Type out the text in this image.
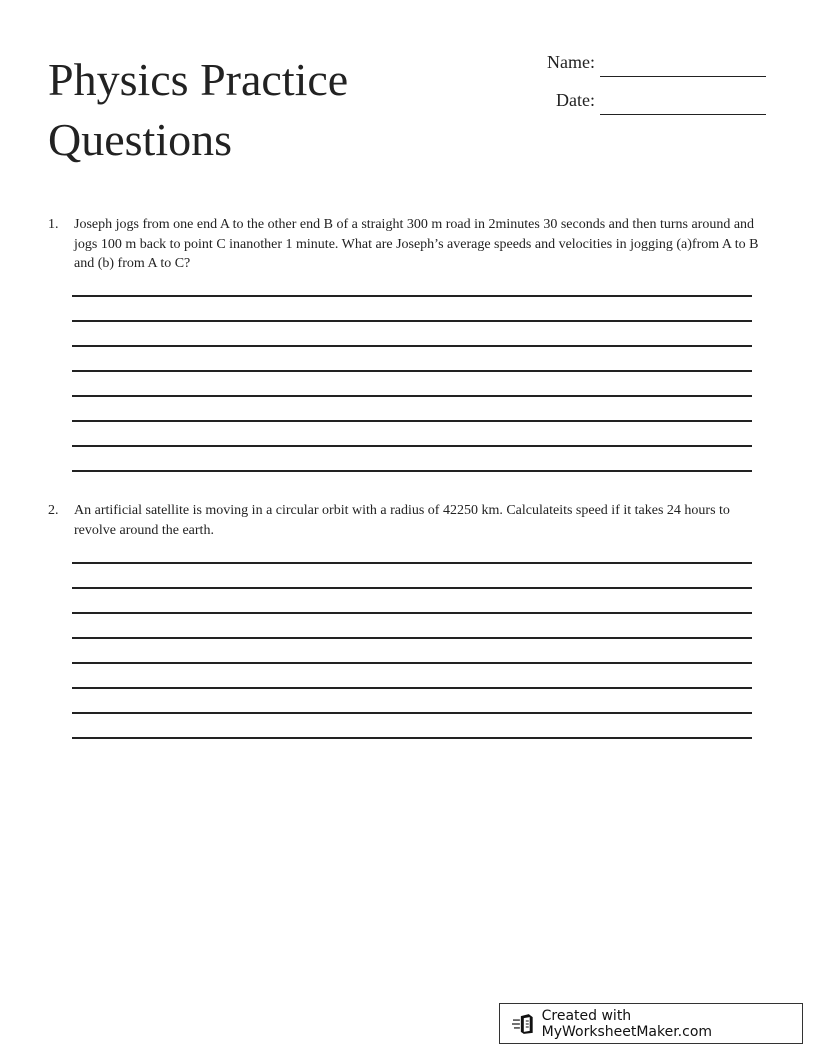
Physics Practice Questions
Name:
Date:
1. Joseph jogs from one end A to the other end B of a straight 300 m road in 2minutes 30 seconds and then turns around and jogs 100 m back to point C inanother 1 minute. What are Joseph’s average speeds and velocities in jogging (a)from A to B and (b) from A to C?
2. An artificial satellite is moving in a circular orbit with a radius of 42250 km. Calculateits speed if it takes 24 hours to revolve around the earth.
Created with MyWorksheetMaker.com
